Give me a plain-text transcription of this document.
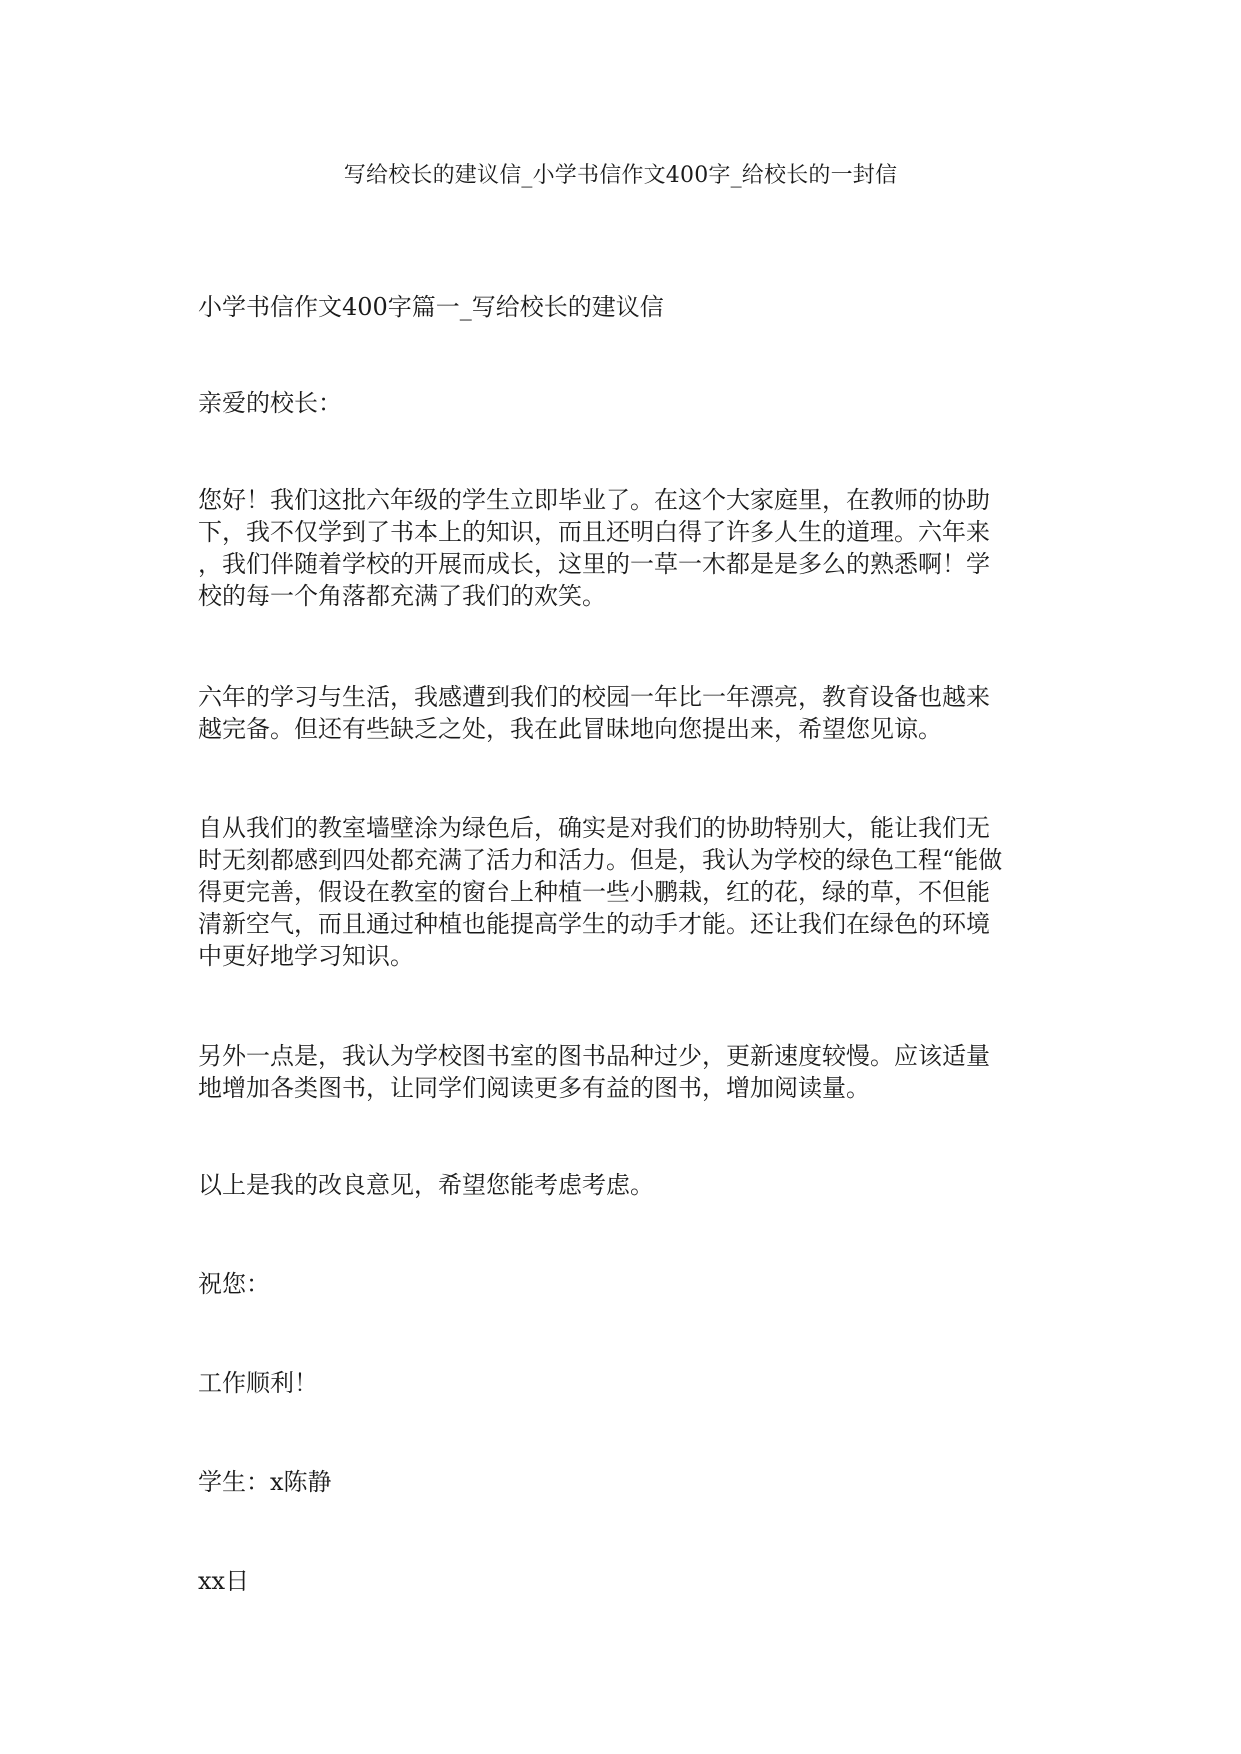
写给校长的建议信_小学书信作文400字_给校长的一封信

小学书信作文400字篇一_写给校长的建议信

亲爱的校长：

您好！我们这批六年级的学生立即毕业了。在这个大家庭里，在教师的协助
下，我不仅学到了书本上的知识，而且还明白得了许多人生的道理。六年来
，我们伴随着学校的开展而成长，这里的一草一木都是是多么的熟悉啊！学
校的每一个角落都充满了我们的欢笑。
六年的学习与生活，我感遭到我们的校园一年比一年漂亮，教育设备也越来
越完备。但还有些缺乏之处，我在此冒昧地向您提出来，希望您见谅。
自从我们的教室墙壁涂为绿色后，确实是对我们的协助特别大，能让我们无
时无刻都感到四处都充满了活力和活力。但是，我认为学校的绿色工程“能做
得更完善，假设在教室的窗台上种植一些小鹏栽，红的花，绿的草，不但能
清新空气，而且通过种植也能提高学生的动手才能。还让我们在绿色的环境
中更好地学习知识。
另外一点是，我认为学校图书室的图书品种过少，更新速度较慢。应该适量
地增加各类图书，让同学们阅读更多有益的图书，增加阅读量。
以上是我的改良意见，希望您能考虑考虑。

祝您：

工作顺利！

学生：x陈静

xx日
